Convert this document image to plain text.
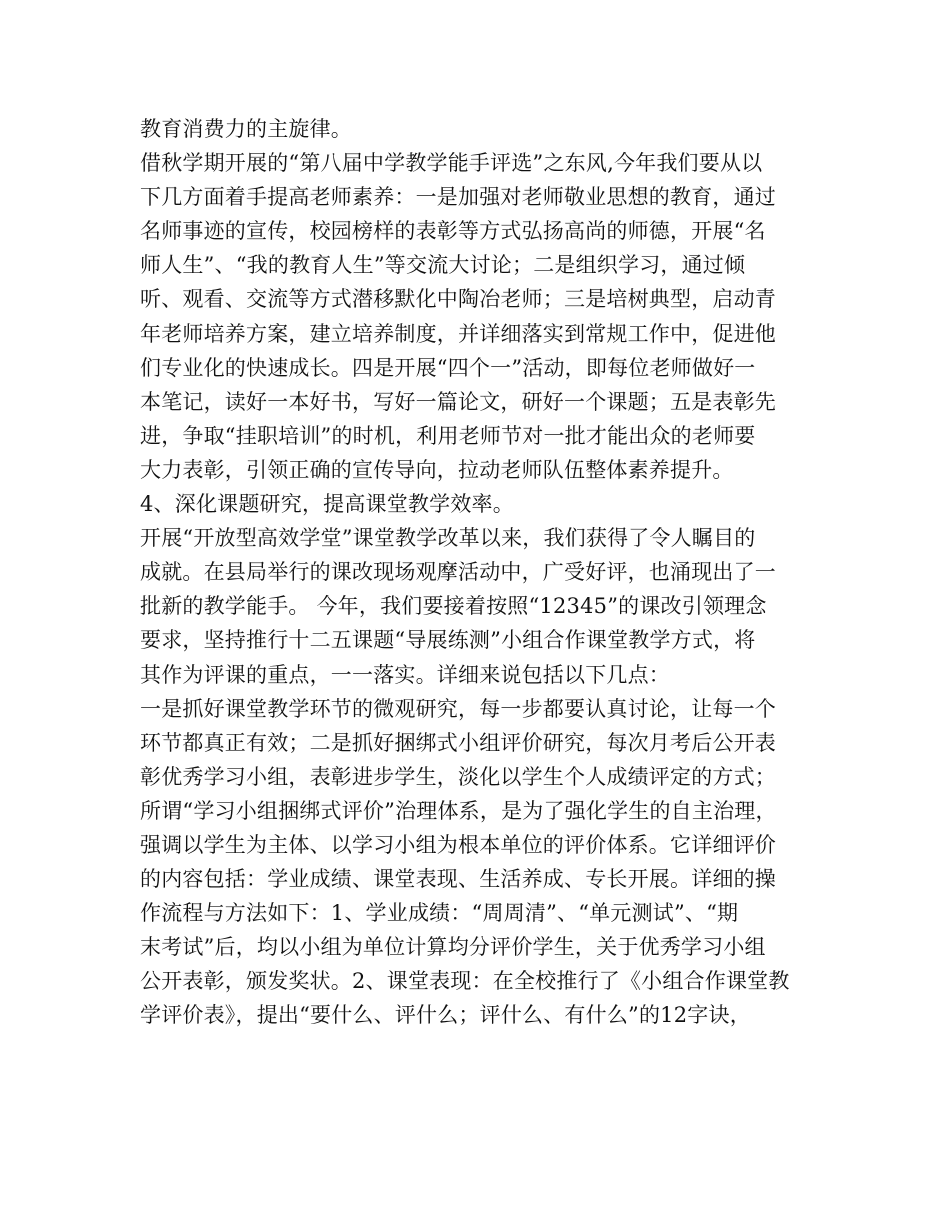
教育消费力的主旋律。
借秋学期开展的“第八届中学教学能手评选”之东风,今年我们要从以
下几方面着手提高老师素养：一是加强对老师敬业思想的教育，通过
名师事迹的宣传，校园榜样的表彰等方式弘扬高尚的师德，开展“名
师人生”、“我的教育人生”等交流大讨论；二是组织学习，通过倾
听、观看、交流等方式潜移默化中陶冶老师；三是培树典型，启动青
年老师培养方案，建立培养制度，并详细落实到常规工作中，促进他
们专业化的快速成长。四是开展“四个一”活动，即每位老师做好一
本笔记，读好一本好书，写好一篇论文，研好一个课题；五是表彰先
进，争取“挂职培训”的时机，利用老师节对一批才能出众的老师要
大力表彰，引领正确的宣传导向，拉动老师队伍整体素养提升。
4、深化课题研究，提高课堂教学效率。
开展“开放型高效学堂”课堂教学改革以来，我们获得了令人瞩目的
成就。在县局举行的课改现场观摩活动中，广受好评，也涌现出了一
批新的教学能手。 今年，我们要接着按照“12345”的课改引领理念
要求，坚持推行十二五课题“导展练测”小组合作课堂教学方式，将
其作为评课的重点，一一落实。详细来说包括以下几点：
一是抓好课堂教学环节的微观研究，每一步都要认真讨论，让每一个
环节都真正有效；二是抓好捆绑式小组评价研究，每次月考后公开表
彰优秀学习小组，表彰进步学生，淡化以学生个人成绩评定的方式；
所谓“学习小组捆绑式评价”治理体系，是为了强化学生的自主治理，
强调以学生为主体、以学习小组为根本单位的评价体系。它详细评价
的内容包括：学业成绩、课堂表现、生活养成、专长开展。详细的操
作流程与方法如下：1、学业成绩：“周周清”、“单元测试”、“期
末考试”后，均以小组为单位计算均分评价学生，关于优秀学习小组
公开表彰，颁发奖状。2、课堂表现：在全校推行了《小组合作课堂教
学评价表》，提出“要什么、评什么；评什么、有什么”的12字诀，
